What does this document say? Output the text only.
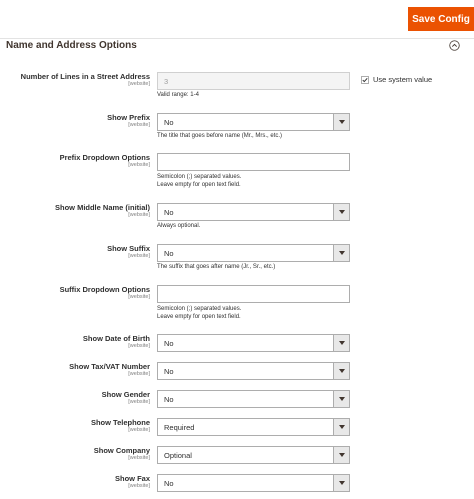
Save Config
Name and Address Options
Number of Lines in a Street Address
[website] 3
Valid range: 1-4
Use system value
Show Prefix
[website] No
The title that goes before name (Mr., Mrs., etc.)
Prefix Dropdown Options
[website]
Semicolon (;) separated values.
Leave empty for open text field.
Show Middle Name (initial)
[website] No
Always optional.
Show Suffix
[website] No
The suffix that goes after name (Jr., Sr., etc.)
Suffix Dropdown Options
[website]
Semicolon (;) separated values.
Leave empty for open text field.
Show Date of Birth
[website] No
Show Tax/VAT Number
[website] No
Show Gender
[website] No
Show Telephone
[website] Required
Show Company
[website] Optional
Show Fax
[website] No
